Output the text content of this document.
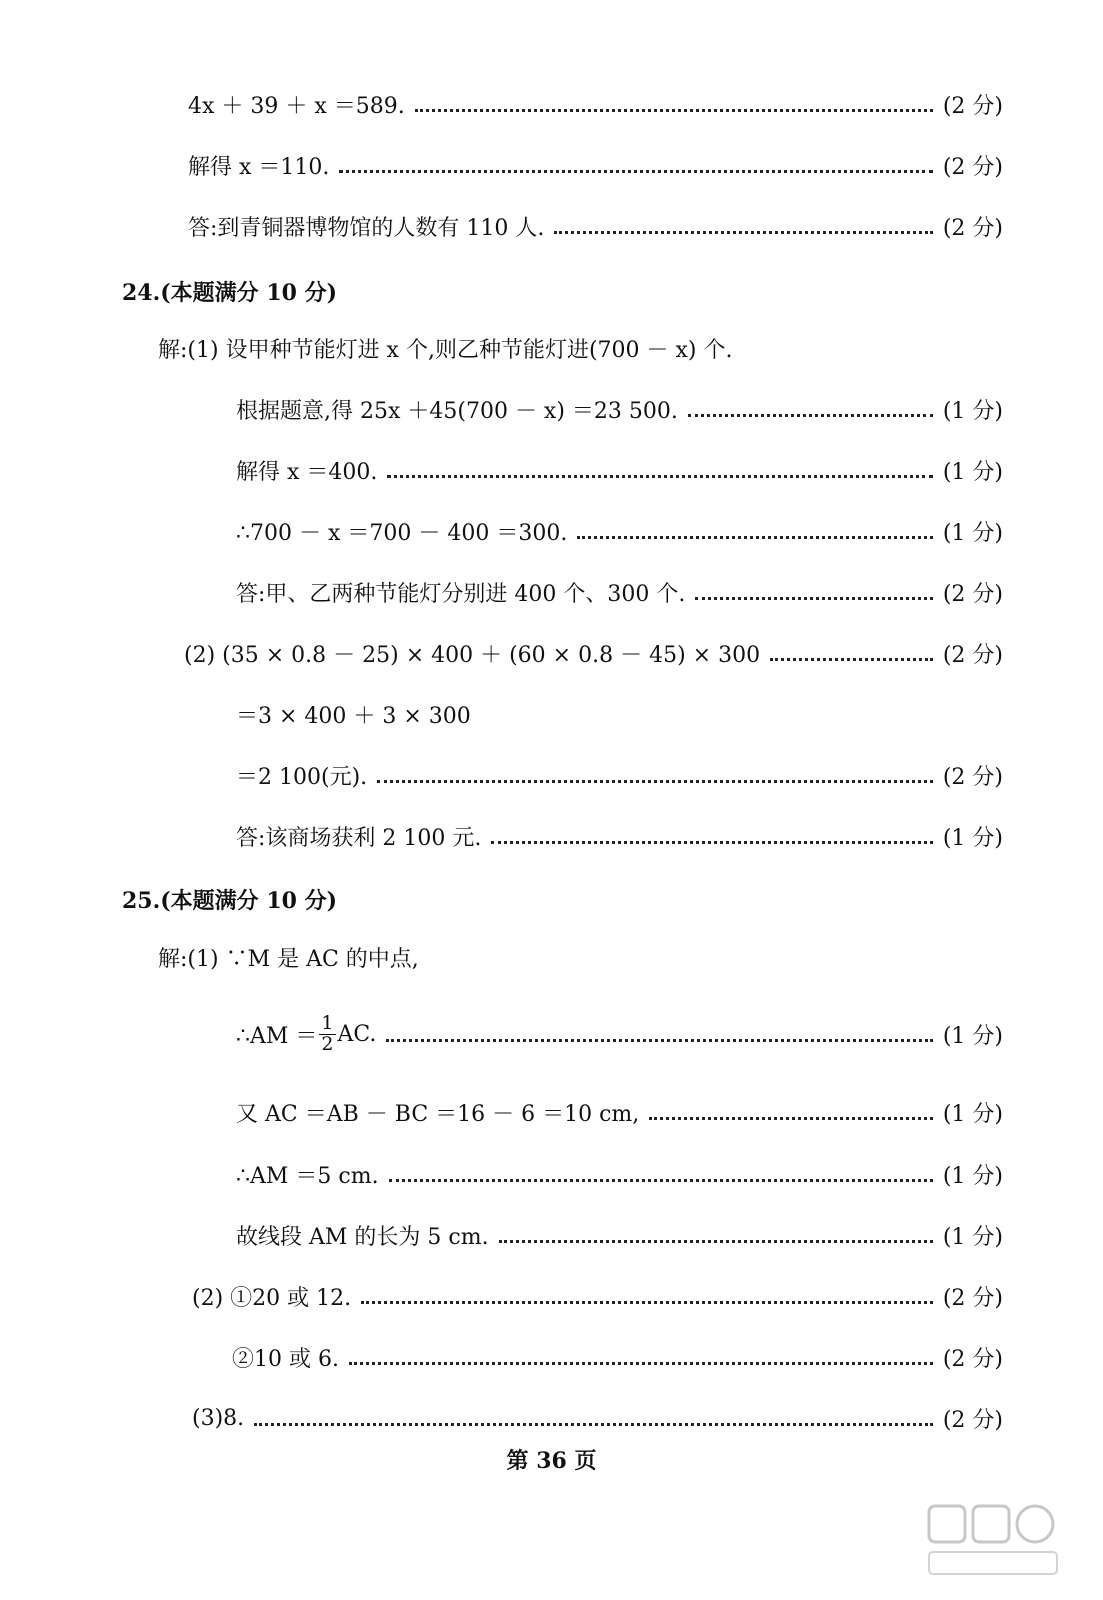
4x ＋ 39 ＋ x ＝589.	(2 分)
解得 x ＝110.	(2 分)
答:到青铜器博物馆的人数有 110 人.	(2 分)
24.(本题满分 10 分)
解:(1) 设甲种节能灯进 x 个,则乙种节能灯进(700 － x) 个.
根据题意,得 25x ＋45(700 － x) ＝23 500.	(1 分)
解得 x ＝400.	(1 分)
∴700 － x ＝700 － 400 ＝300.	(1 分)
答:甲、乙两种节能灯分别进 400 个、300 个.	(2 分)
(2) (35 × 0.8 － 25) × 400 ＋ (60 × 0.8 － 45) × 300	(2 分)
＝3 × 400 ＋ 3 × 300
＝2 100(元).	(2 分)
答:该商场获利 2 100 元.	(1 分)
25.(本题满分 10 分)
解:(1) ∵M 是 AC 的中点,
∴AM ＝ $\frac{1}{2}$ AC.	(1 分)
又 AC ＝AB － BC ＝16 － 6 ＝10 cm,	(1 分)
∴AM ＝5 cm.	(1 分)
故线段 AM 的长为 5 cm.	(1 分)
(2) ①20 或 12.	(2 分)
②10 或 6.	(2 分)
(3)8.	(2 分)
第 36 页
